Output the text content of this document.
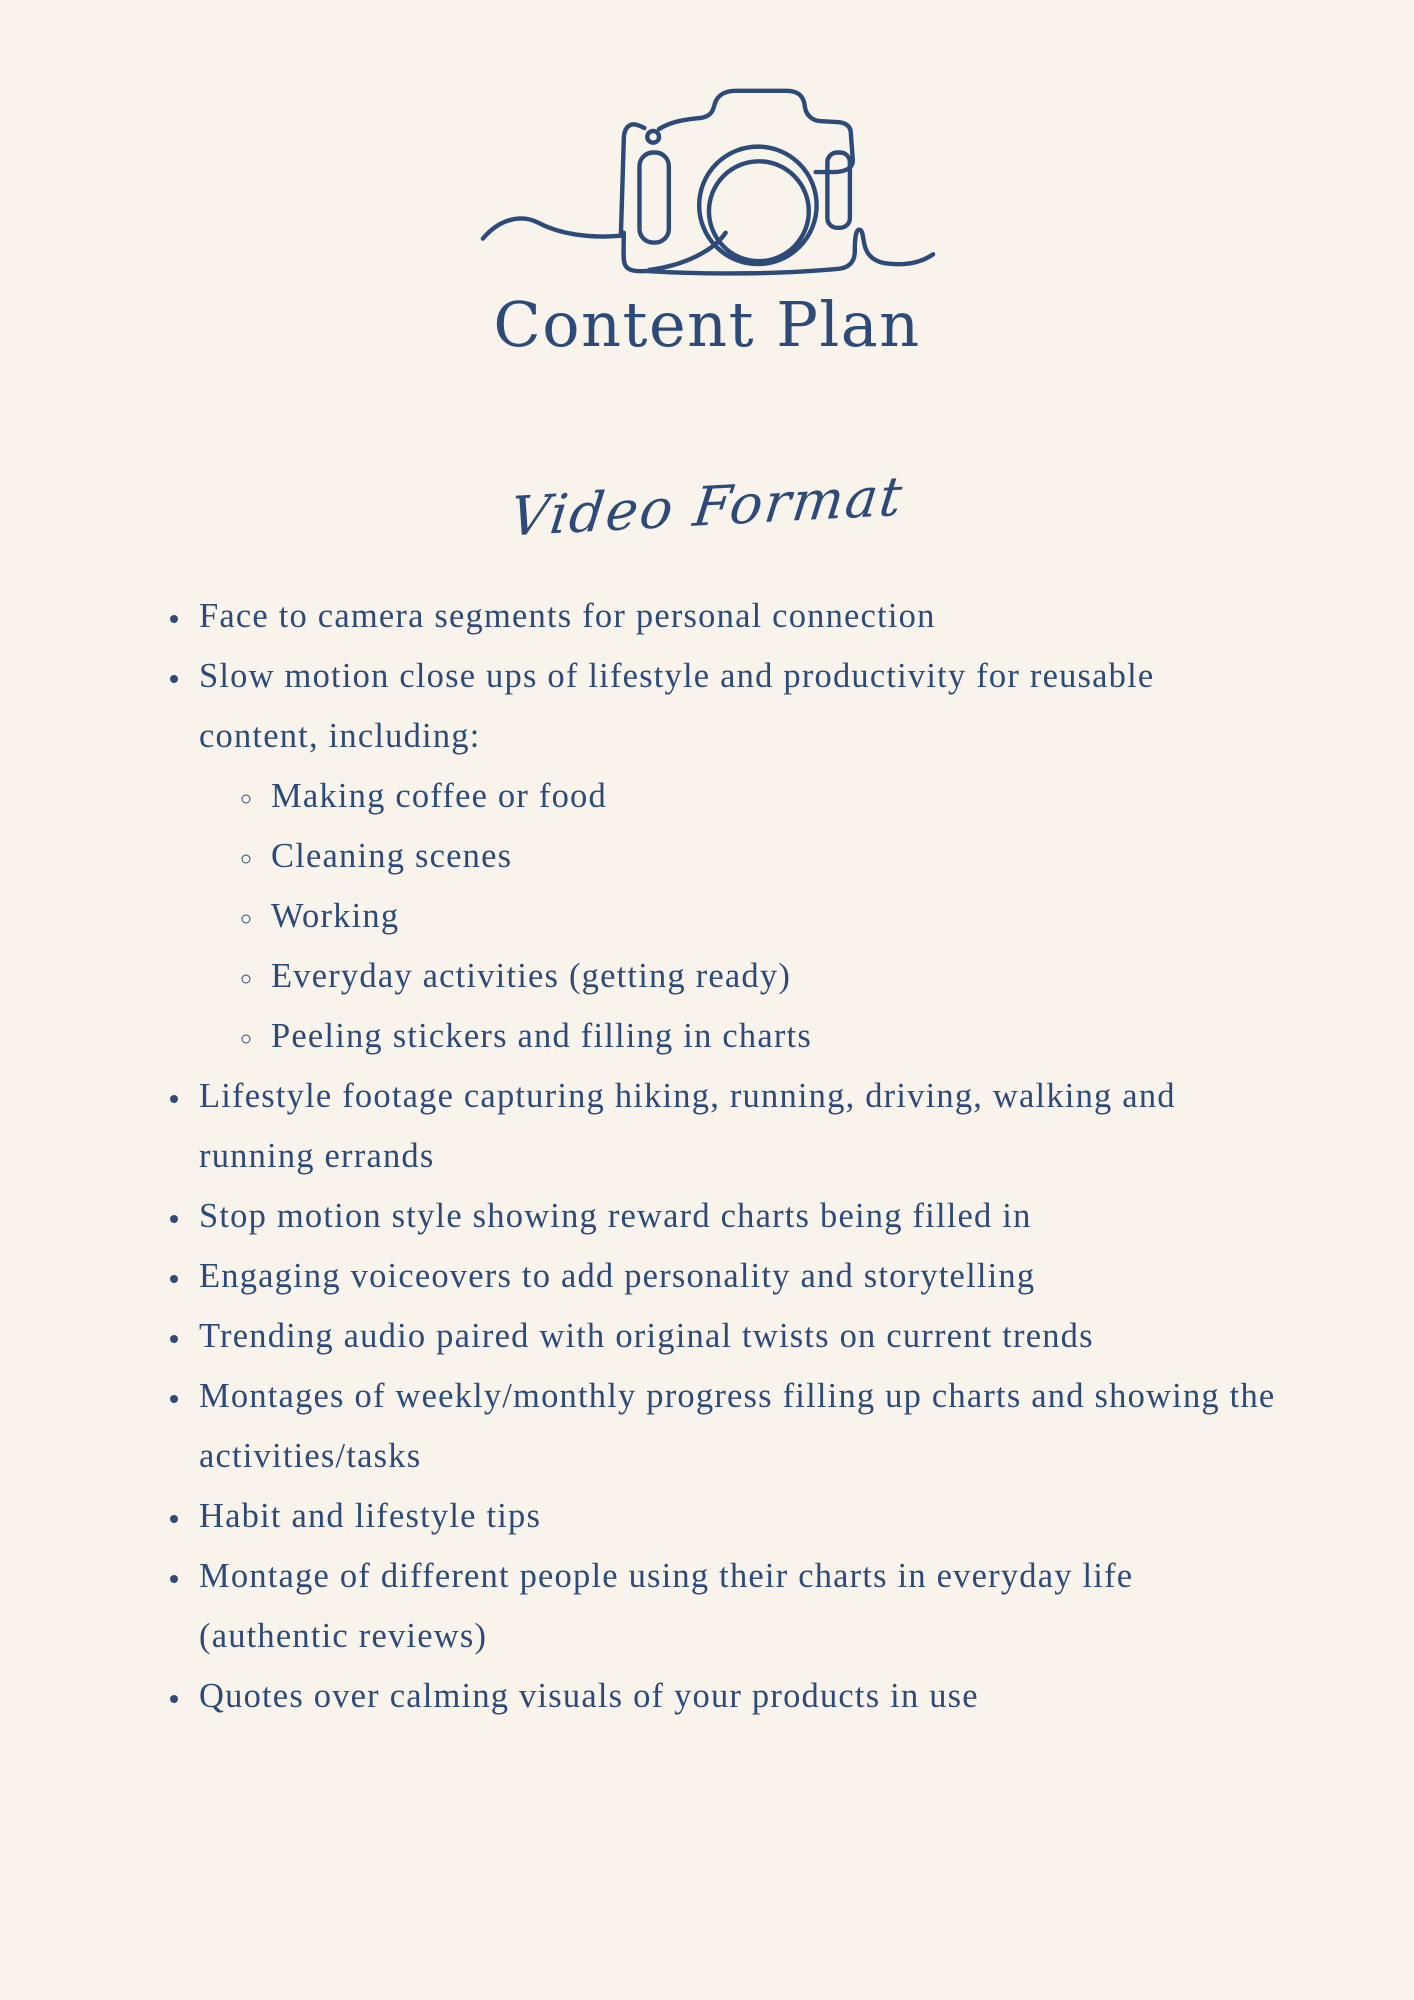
Content Plan
Video Format
• Face to camera segments for personal connection
• Slow motion close ups of lifestyle and productivity for reusable content, including:
◦ Making coffee or food
◦ Cleaning scenes
◦ Working
◦ Everyday activities (getting ready)
◦ Peeling stickers and filling in charts
• Lifestyle footage capturing hiking, running, driving, walking and running errands
• Stop motion style showing reward charts being filled in
• Engaging voiceovers to add personality and storytelling
• Trending audio paired with original twists on current trends
• Montages of weekly/monthly progress filling up charts and showing the activities/tasks
• Habit and lifestyle tips
• Montage of different people using their charts in everyday life (authentic reviews)
• Quotes over calming visuals of your products in use
